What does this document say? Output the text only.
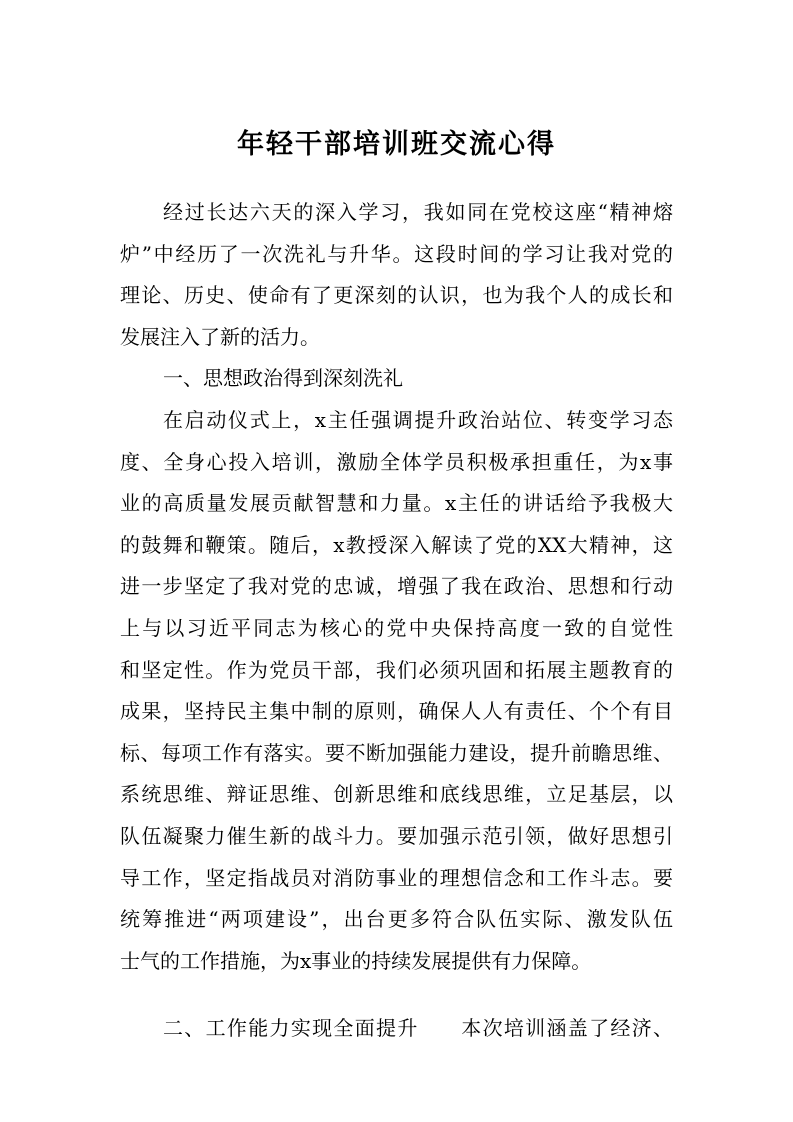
年轻干部培训班交流心得
经过长达六天的深入学习，我如同在党校这座“精神熔
炉”中经历了一次洗礼与升华。这段时间的学习让我对党的
理论、历史、使命有了更深刻的认识，也为我个人的成长和
发展注入了新的活力。
一、思想政治得到深刻洗礼
在启动仪式上，x主任强调提升政治站位、转变学习态
度、全身心投入培训，激励全体学员积极承担重任，为x事
业的高质量发展贡献智慧和力量。x主任的讲话给予我极大
的鼓舞和鞭策。随后，x教授深入解读了党的XX大精神，这
进一步坚定了我对党的忠诚，增强了我在政治、思想和行动
上与以习近平同志为核心的党中央保持高度一致的自觉性
和坚定性。作为党员干部，我们必须巩固和拓展主题教育的
成果，坚持民主集中制的原则，确保人人有责任、个个有目
标、每项工作有落实。要不断加强能力建设，提升前瞻思维、
系统思维、辩证思维、创新思维和底线思维，立足基层，以
队伍凝聚力催生新的战斗力。要加强示范引领，做好思想引
导工作，坚定指战员对消防事业的理想信念和工作斗志。要
统筹推进“两项建设”，出台更多符合队伍实际、激发队伍
士气的工作措施，为x事业的持续发展提供有力保障。
二、工作能力实现全面提升　　本次培训涵盖了经济、
